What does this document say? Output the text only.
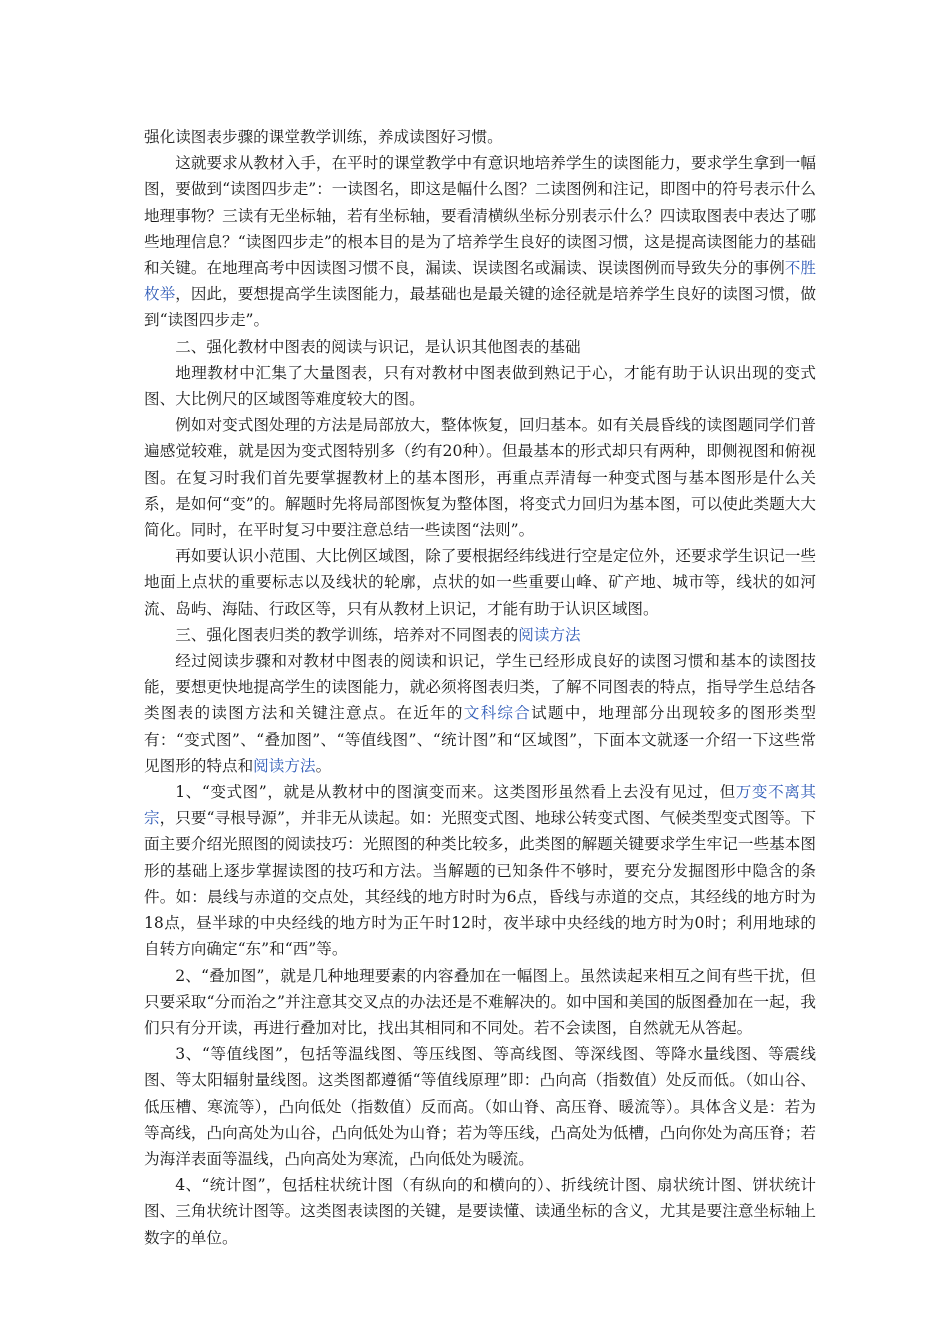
强化读图表步骤的课堂教学训练，养成读图好习惯。

这就要求从教材入手，在平时的课堂教学中有意识地培养学生的读图能力，要求学生拿到一幅图，要做到“读图四步走”：一读图名，即这是幅什么图？二读图例和注记，即图中的符号表示什么地理事物？三读有无坐标轴，若有坐标轴，要看清横纵坐标分别表示什么？四读取图表中表达了哪些地理信息？“读图四步走”的根本目的是为了培养学生良好的读图习惯，这是提高读图能力的基础和关键。在地理高考中因读图习惯不良，漏读、误读图名或漏读、误读图例而导致失分的事例不胜枚举，因此，要想提高学生读图能力，最基础也是最关键的途径就是培养学生良好的读图习惯，做到“读图四步走”。

二、强化教材中图表的阅读与识记，是认识其他图表的基础

地理教材中汇集了大量图表，只有对教材中图表做到熟记于心，才能有助于认识出现的变式图、大比例尺的区域图等难度较大的图。

例如对变式图处理的方法是局部放大，整体恢复，回归基本。如有关晨昏线的读图题同学们普遍感觉较难，就是因为变式图特别多（约有20种）。但最基本的形式却只有两种，即侧视图和俯视图。在复习时我们首先要掌握教材上的基本图形，再重点弄清每一种变式图与基本图形是什么关系，是如何“变”的。解题时先将局部图恢复为整体图，将变式力回归为基本图，可以使此类题大大简化。同时，在平时复习中要注意总结一些读图“法则”。

再如要认识小范围、大比例区域图，除了要根据经纬线进行空是定位外，还要求学生识记一些地面上点状的重要标志以及线状的轮廓，点状的如一些重要山峰、矿产地、城市等，线状的如河流、岛屿、海陆、行政区等，只有从教材上识记，才能有助于认识区域图。

三、强化图表归类的教学训练，培养对不同图表的阅读方法

经过阅读步骤和对教材中图表的阅读和识记，学生已经形成良好的读图习惯和基本的读图技能，要想更快地提高学生的读图能力，就必须将图表归类，了解不同图表的特点，指导学生总结各类图表的读图方法和关键注意点。在近年的文科综合试题中，地理部分出现较多的图形类型有：“变式图”、“叠加图”、“等值线图”、“统计图”和“区域图”，下面本文就逐一介绍一下这些常见图形的特点和阅读方法。

1、“变式图”，就是从教材中的图演变而来。这类图形虽然看上去没有见过，但万变不离其宗，只要“寻根导源”，并非无从读起。如：光照变式图、地球公转变式图、气候类型变式图等。下面主要介绍光照图的阅读技巧：光照图的种类比较多，此类图的解题关键要求学生牢记一些基本图形的基础上逐步掌握读图的技巧和方法。当解题的已知条件不够时，要充分发掘图形中隐含的条件。如：晨线与赤道的交点处，其经线的地方时时为6点，昏线与赤道的交点，其经线的地方时为18点，昼半球的中央经线的地方时为正午时12时，夜半球中央经线的地方时为0时；利用地球的自转方向确定“东”和“西”等。

2、“叠加图”，就是几种地理要素的内容叠加在一幅图上。虽然读起来相互之间有些干扰，但只要采取“分而治之”并注意其交叉点的办法还是不难解决的。如中国和美国的版图叠加在一起，我们只有分开读，再进行叠加对比，找出其相同和不同处。若不会读图，自然就无从答起。

3、“等值线图”，包括等温线图、等压线图、等高线图、等深线图、等降水量线图、等震线图、等太阳辐射量线图。这类图都遵循“等值线原理”即：凸向高（指数值）处反而低。（如山谷、低压槽、寒流等），凸向低处（指数值）反而高。（如山脊、高压脊、暖流等）。具体含义是：若为等高线，凸向高处为山谷，凸向低处为山脊；若为等压线，凸高处为低槽，凸向你处为高压脊；若为海洋表面等温线，凸向高处为寒流，凸向低处为暖流。

4、“统计图”，包括柱状统计图（有纵向的和横向的）、折线统计图、扇状统计图、饼状统计图、三角状统计图等。这类图表读图的关键，是要读懂、读通坐标的含义，尤其是要注意坐标轴上数字的单位。
